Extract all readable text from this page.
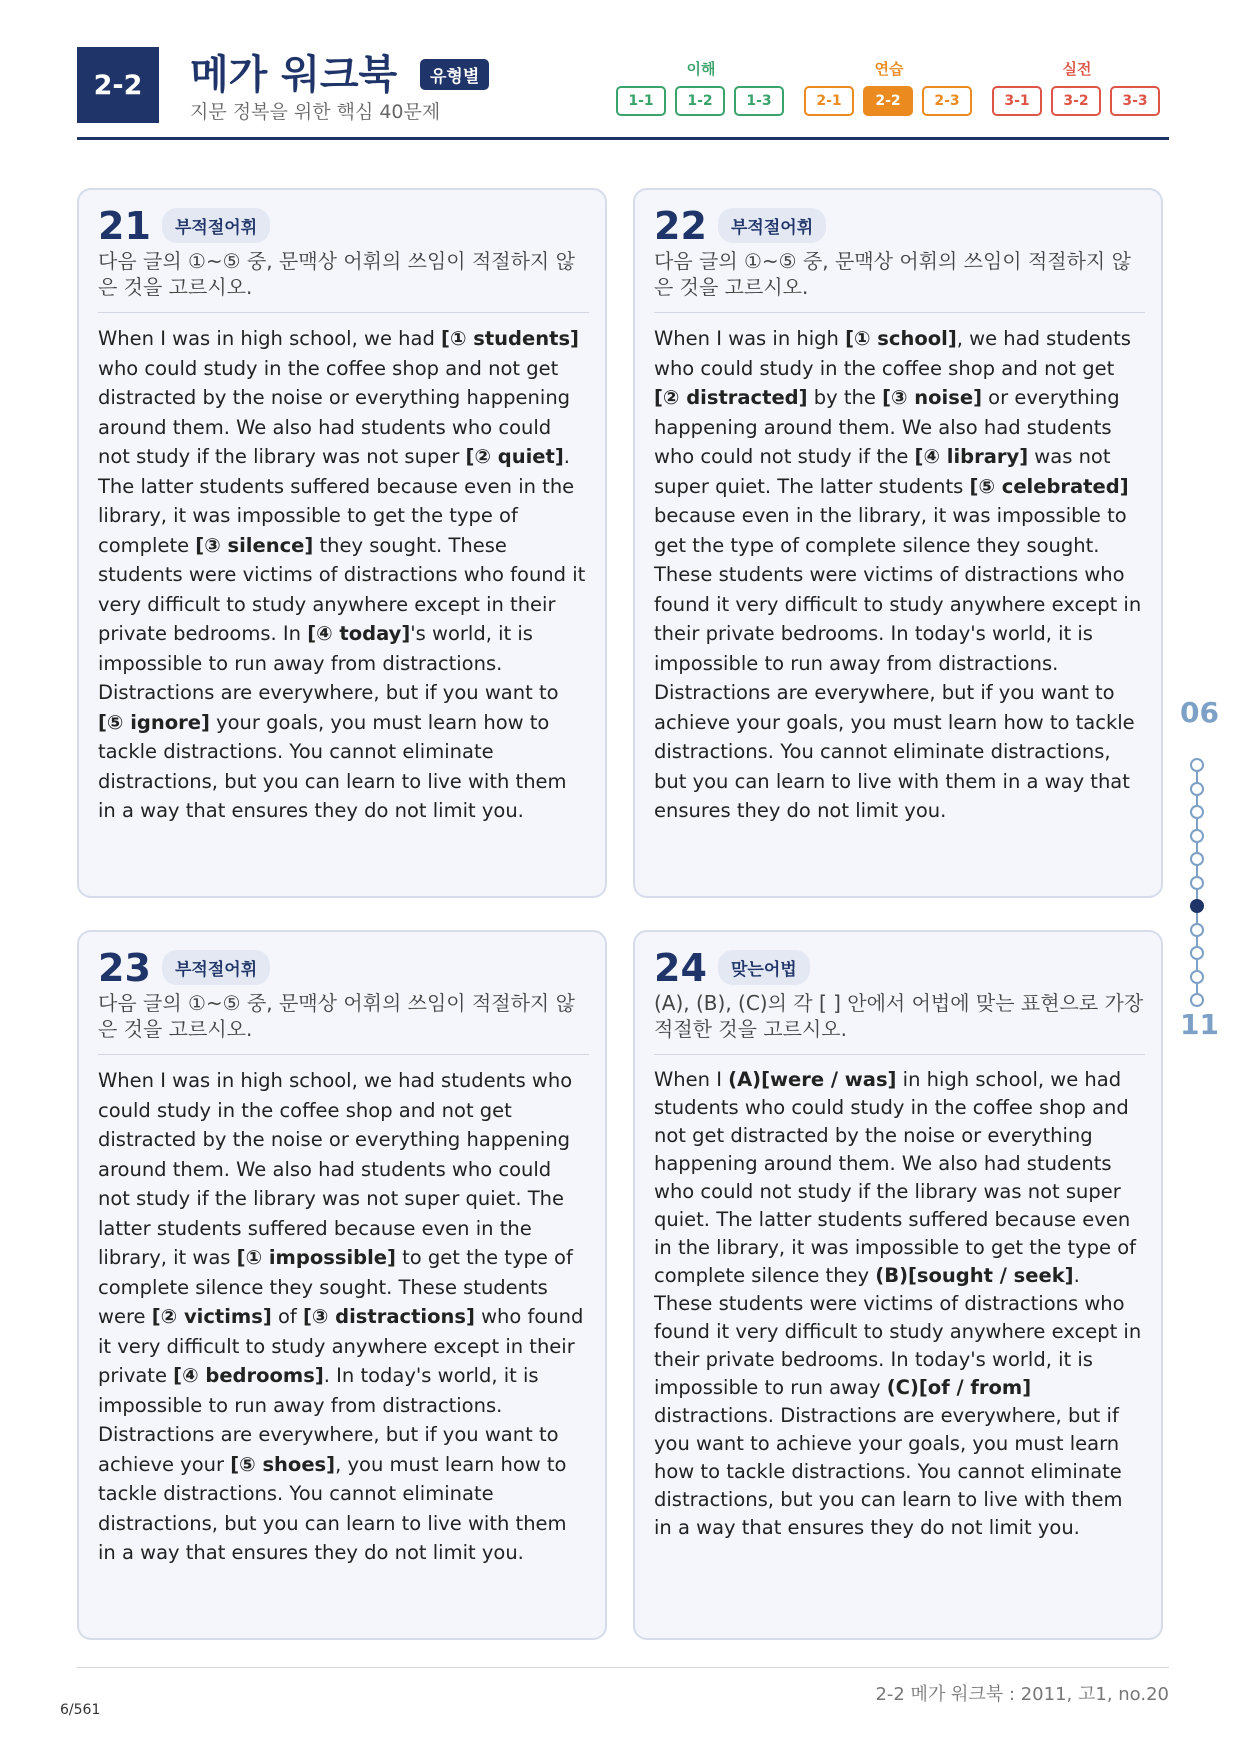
2-2	메가 워크북	유형별
지문 정복을 위한 핵심 40문제
이해
1-1	1-2	1-3
연습
2-1	2-2	2-3
실전
3-1	3-2	3-3
21	부적절어휘
다음 글의 ①~⑤ 중, 문맥상 어휘의 쓰임이 적절하지 않은 것을 고르시오.
When I was in high school, we had [① students] who could study in the coffee shop and not get distracted by the noise or everything happening around them. We also had students who could not study if the library was not super [② quiet]. The latter students suffered because even in the library, it was impossible to get the type of complete [③ silence] they sought. These students were victims of distractions who found it very difficult to study anywhere except in their private bedrooms. In [④ today]'s world, it is impossible to run away from distractions. Distractions are everywhere, but if you want to [⑤ ignore] your goals, you must learn how to tackle distractions. You cannot eliminate distractions, but you can learn to live with them in a way that ensures they do not limit you.
22	부적절어휘
다음 글의 ①~⑤ 중, 문맥상 어휘의 쓰임이 적절하지 않은 것을 고르시오.
When I was in high [① school], we had students who could study in the coffee shop and not get [② distracted] by the [③ noise] or everything happening around them. We also had students who could not study if the [④ library] was not super quiet. The latter students [⑤ celebrated] because even in the library, it was impossible to get the type of complete silence they sought. These students were victims of distractions who found it very difficult to study anywhere except in their private bedrooms. In today's world, it is impossible to run away from distractions. Distractions are everywhere, but if you want to achieve your goals, you must learn how to tackle distractions. You cannot eliminate distractions, but you can learn to live with them in a way that ensures they do not limit you.
23	부적절어휘
다음 글의 ①~⑤ 중, 문맥상 어휘의 쓰임이 적절하지 않은 것을 고르시오.
When I was in high school, we had students who could study in the coffee shop and not get distracted by the noise or everything happening around them. We also had students who could not study if the library was not super quiet. The latter students suffered because even in the library, it was [① impossible] to get the type of complete silence they sought. These students were [② victims] of [③ distractions] who found it very difficult to study anywhere except in their private [④ bedrooms]. In today's world, it is impossible to run away from distractions. Distractions are everywhere, but if you want to achieve your [⑤ shoes], you must learn how to tackle distractions. You cannot eliminate distractions, but you can learn to live with them in a way that ensures they do not limit you.
24	맞는어법
(A), (B), (C)의 각 [ ] 안에서 어법에 맞는 표현으로 가장 적절한 것을 고르시오.
When I (A)[were / was] in high school, we had students who could study in the coffee shop and not get distracted by the noise or everything happening around them. We also had students who could not study if the library was not super quiet. The latter students suffered because even in the library, it was impossible to get the type of complete silence they (B)[sought / seek]. These students were victims of distractions who found it very difficult to study anywhere except in their private bedrooms. In today's world, it is impossible to run away (C)[of / from] distractions. Distractions are everywhere, but if you want to achieve your goals, you must learn how to tackle distractions. You cannot eliminate distractions, but you can learn to live with them in a way that ensures they do not limit you.
06
11
6/561
2-2 메가 워크북 : 2011, 고1, no.20
